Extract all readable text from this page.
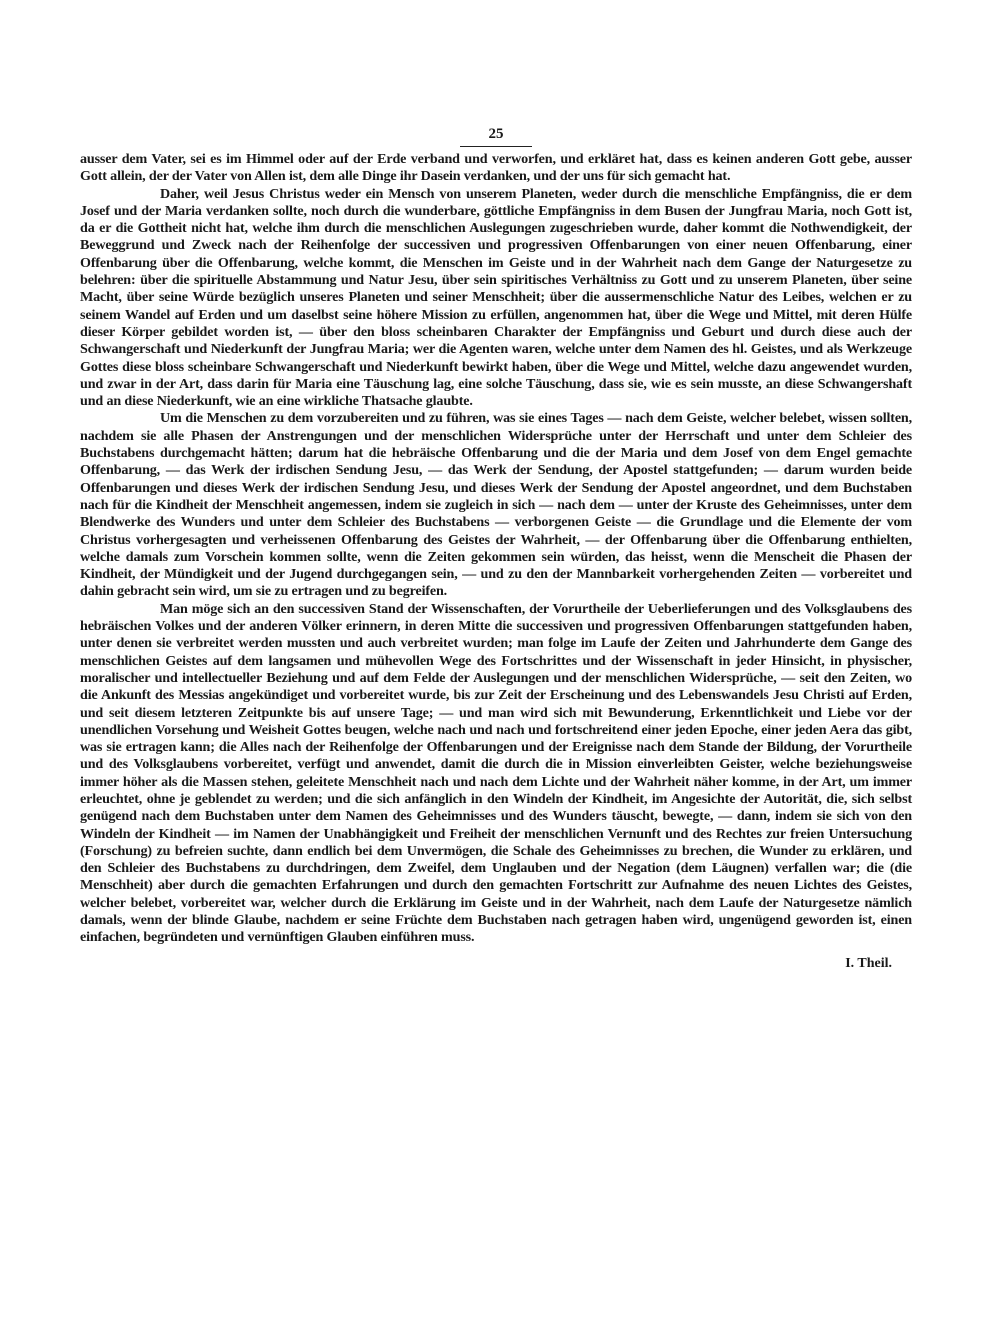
25

ausser dem Vater, sei es im Himmel oder auf der Erde verband und verworfen, und erkläret hat, dass es keinen anderen Gott gebe, ausser Gott allein, der der Vater von Allen ist, dem alle Dinge ihr Dasein verdanken, und der uns für sich gemacht hat.

Daher, weil Jesus Christus weder ein Mensch von unserem Planeten, weder durch die menschliche Empfängniss, die er dem Josef und der Maria verdanken sollte, noch durch die wunderbare, göttliche Empfängniss in dem Busen der Jungfrau Maria, noch Gott ist, da er die Gottheit nicht hat, welche ihm durch die menschlichen Auslegungen zugeschrieben wurde, daher kommt die Nothwendigkeit, der Beweggrund und Zweck nach der Reihenfolge der successiven und progressiven Offenbarungen von einer neuen Offenbarung, einer Offenbarung über die Offenbarung, welche kommt, die Menschen im Geiste und in der Wahrheit nach dem Gange der Naturgesetze zu belehren: über die spirituelle Abstammung und Natur Jesu, über sein spiritisches Verhältniss zu Gott und zu unserem Planeten, über seine Macht, über seine Würde bezüglich unseres Planeten und seiner Menschheit; über die aussermenschliche Natur des Leibes, welchen er zu seinem Wandel auf Erden und um daselbst seine höhere Mission zu erfüllen, angenommen hat, über die Wege und Mittel, mit deren Hülfe dieser Körper gebildet worden ist, — über den bloss scheinbaren Charakter der Empfängniss und Geburt und durch diese auch der Schwangerschaft und Niederkunft der Jungfrau Maria; wer die Agenten waren, welche unter dem Namen des hl. Geistes, und als Werkzeuge Gottes diese bloss scheinbare Schwangerschaft und Niederkunft bewirkt haben, über die Wege und Mittel, welche dazu angewendet wurden, und zwar in der Art, dass darin für Maria eine Täuschung lag, eine solche Täuschung, dass sie, wie es sein musste, an diese Schwangershaft und an diese Niederkunft, wie an eine wirkliche Thatsache glaubte.

Um die Menschen zu dem vorzubereiten und zu führen, was sie eines Tages — nach dem Geiste, welcher belebet, wissen sollten, nachdem sie alle Phasen der Anstrengungen und der menschlichen Widersprüche unter der Herrschaft und unter dem Schleier des Buchstabens durchgemacht hätten; darum hat die hebräische Offenbarung und die der Maria und dem Josef von dem Engel gemachte Offenbarung, — das Werk der irdischen Sendung Jesu, — das Werk der Sendung, der Apostel stattgefunden; — darum wurden beide Offenbarungen und dieses Werk der irdischen Sendung Jesu, und dieses Werk der Sendung der Apostel angeordnet, und dem Buchstaben nach für die Kindheit der Menschheit angemessen, indem sie zugleich in sich — nach dem — unter der Kruste des Geheimnisses, unter dem Blendwerke des Wunders und unter dem Schleier des Buchstabens — verborgenen Geiste — die Grundlage und die Elemente der vom Christus vorhergesagten und verheissenen Offenbarung des Geistes der Wahrheit, — der Offenbarung über die Offenbarung enthielten, welche damals zum Vorschein kommen sollte, wenn die Zeiten gekommen sein würden, das heisst, wenn die Menscheit die Phasen der Kindheit, der Mündigkeit und der Jugend durchgegangen sein, — und zu den der Mannbarkeit vorhergehenden Zeiten — vorbereitet und dahin gebracht sein wird, um sie zu ertragen und zu begreifen.

Man möge sich an den successiven Stand der Wissenschaften, der Vorurtheile der Ueberlieferungen und des Volksglaubens des hebräischen Volkes und der anderen Völker erinnern, in deren Mitte die successiven und progressiven Offenbarungen stattgefunden haben, unter denen sie verbreitet werden mussten und auch verbreitet wurden; man folge im Laufe der Zeiten und Jahrhunderte dem Gange des menschlichen Geistes auf dem langsamen und mühevollen Wege des Fortschrittes und der Wissenschaft in jeder Hinsicht, in physischer, moralischer und intellectueller Beziehung und auf dem Felde der Auslegungen und der menschlichen Widersprüche, — seit den Zeiten, wo die Ankunft des Messias angekündiget und vorbereitet wurde, bis zur Zeit der Erscheinung und des Lebenswandels Jesu Christi auf Erden, und seit diesem letzteren Zeitpunkte bis auf unsere Tage; — und man wird sich mit Bewunderung, Erkenntlichkeit und Liebe vor der unendlichen Vorsehung und Weisheit Gottes beugen, welche nach und nach und fortschreitend einer jeden Epoche, einer jeden Aera das gibt, was sie ertragen kann; die Alles nach der Reihenfolge der Offenbarungen und der Ereignisse nach dem Stande der Bildung, der Vorurtheile und des Volksglaubens vorbereitet, verfügt und anwendet, damit die durch die in Mission einverleibten Geister, welche beziehungsweise immer höher als die Massen stehen, geleitete Menschheit nach und nach dem Lichte und der Wahrheit näher komme, in der Art, um immer erleuchtet, ohne je geblendet zu werden; und die sich anfänglich in den Windeln der Kindheit, im Angesichte der Autorität, die, sich selbst genügend nach dem Buchstaben unter dem Namen des Geheimnisses und des Wunders täuscht, bewegte, — dann, indem sie sich von den Windeln der Kindheit — im Namen der Unabhängigkeit und Freiheit der menschlichen Vernunft und des Rechtes zur freien Untersuchung (Forschung) zu befreien suchte, dann endlich bei dem Unvermögen, die Schale des Geheimnisses zu brechen, die Wunder zu erklären, und den Schleier des Buchstabens zu durchdringen, dem Zweifel, dem Unglauben und der Negation (dem Läugnen) verfallen war; die (die Menschheit) aber durch die gemachten Erfahrungen und durch den gemachten Fortschritt zur Aufnahme des neuen Lichtes des Geistes, welcher belebet, vorbereitet war, welcher durch die Erklärung im Geiste und in der Wahrheit, nach dem Laufe der Naturgesetze nämlich damals, wenn der blinde Glaube, nachdem er seine Früchte dem Buchstaben nach getragen haben wird, ungenügend geworden ist, einen einfachen, begründeten und vernünftigen Glauben einführen muss.

I. Theil.
